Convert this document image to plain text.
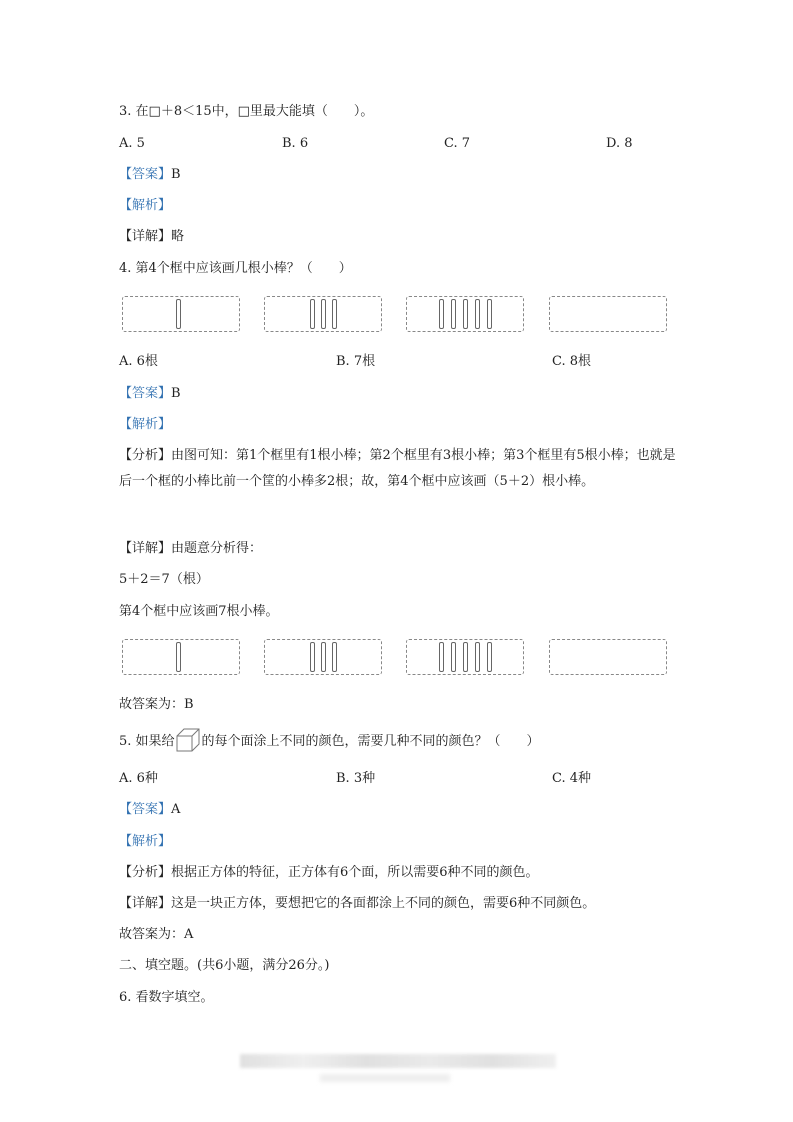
3. 在□＋8＜15中，□里最大能填（　　）。
A. 5	B. 6	C. 7	D. 8
【答案】B
【解析】
【详解】略
4. 第4个框中应该画几根小棒？（　　）
A. 6根	B. 7根	C. 8根
【答案】B
【解析】
【分析】由图可知：第1个框里有1根小棒；第2个框里有3根小棒；第3个框里有5根小棒；也就是后一个框的小棒比前一个筐的小棒多2根；故，第4个框中应该画（5＋2）根小棒。
【详解】由题意分析得：
5＋2＝7（根）
第4个框中应该画7根小棒。
故答案为：B
5. 如果给 的每个面涂上不同的颜色，需要几种不同的颜色？（　　）
A. 6种	B. 3种	C. 4种
【答案】A
【解析】
【分析】根据正方体的特征，正方体有6个面，所以需要6种不同的颜色。
【详解】这是一块正方体，要想把它的各面都涂上不同的颜色，需要6种不同颜色。
故答案为：A
二、填空题。(共6小题，满分26分。)
6. 看数字填空。
